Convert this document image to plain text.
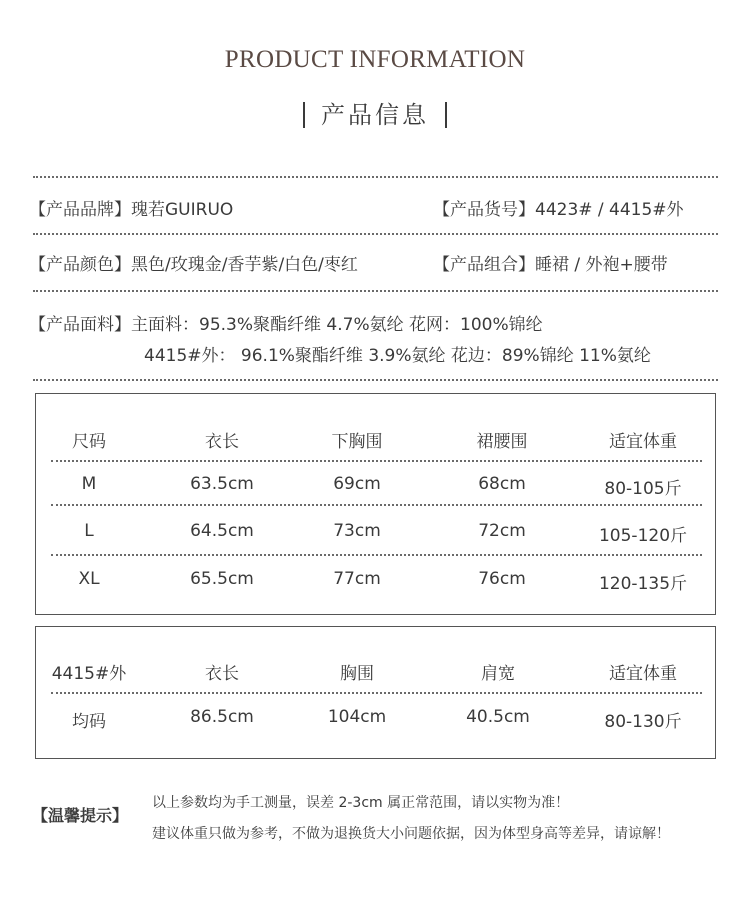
PRODUCT INFORMATION
产品信息
【产品品牌】瑰若GUIRUO	【产品货号】4423# / 4415#外
【产品颜色】黑色/玫瑰金/香芋紫/白色/枣红	【产品组合】睡裙 / 外袍+腰带
【产品面料】主面料：95.3%聚酯纤维 4.7%氨纶 花网：100%锦纶
4415#外： 96.1%聚酯纤维 3.9%氨纶 花边：89%锦纶 11%氨纶
尺码	衣长	下胸围	裙腰围	适宜体重
M	63.5cm	69cm	68cm	80-105斤
L	64.5cm	73cm	72cm	105-120斤
XL	65.5cm	77cm	76cm	120-135斤
4415#外	衣长	胸围	肩宽	适宜体重
均码	86.5cm	104cm	40.5cm	80-130斤
【温馨提示】
以上参数均为手工测量，误差 2-3cm 属正常范围，请以实物为准！
建议体重只做为参考，不做为退换货大小问题依据，因为体型身高等差异，请谅解！
